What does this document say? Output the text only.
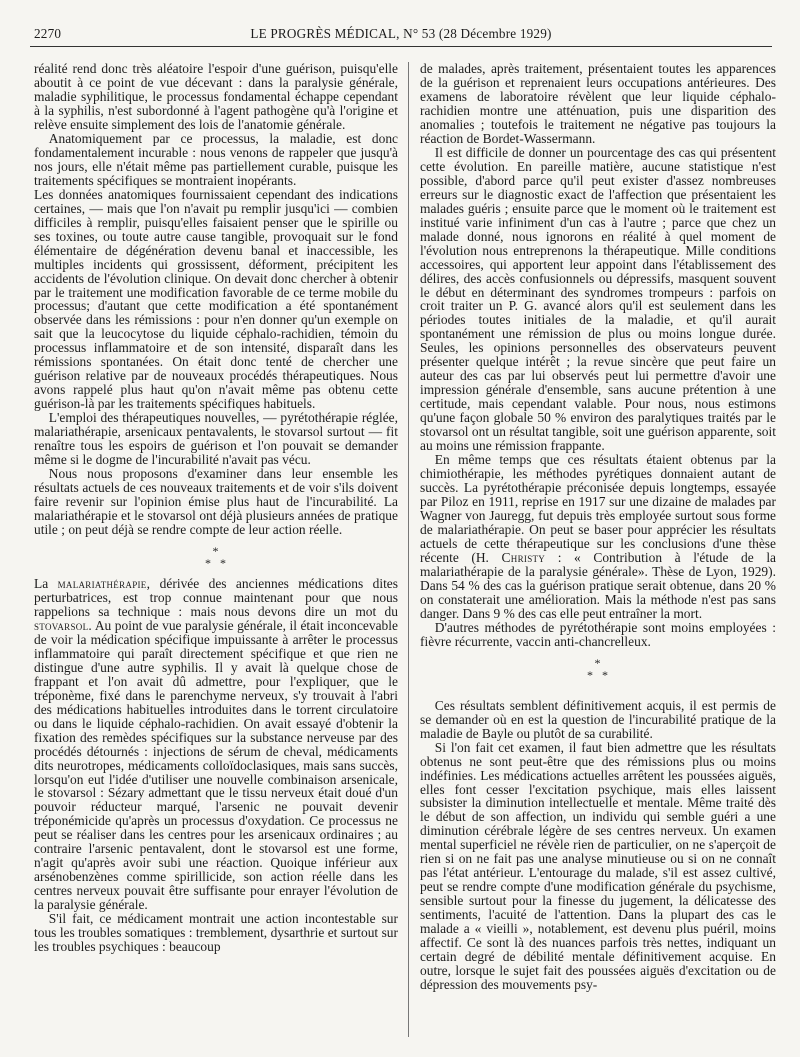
2270	LE PROGRÈS MÉDICAL, N° 53 (28 Décembre 1929)

réalité rend donc très aléatoire l'espoir d'une guérison, puisqu'elle aboutit à ce point de vue décevant : dans la paralysie générale, maladie syphilitique, le processus fondamental échappe cependant à la syphilis, n'est subordonné à l'agent pathogène qu'à l'origine et relève ensuite simplement des lois de l'anatomie générale.

Anatomiquement par ce processus, la maladie, est donc fondamentalement incurable : nous venons de rappeler que jusqu'à nos jours, elle n'était même pas partiellement curable, puisque les traitements spécifiques se montraient inopérants.

Les données anatomiques fournissaient cependant des indications certaines, — mais que l'on n'avait pu remplir jusqu'ici — combien difficiles à remplir, puisqu'elles faisaient penser que le spirille ou ses toxines, ou toute autre cause tangible, provoquait sur le fond élémentaire de dégénération devenu banal et inaccessible, les multiples incidents qui grossissent, déforment, précipitent les accidents de l'évolution clinique. On devait donc chercher à obtenir par le traitement une modification favorable de ce terme mobile du processus; d'autant que cette modification a été spontanément observée dans les rémissions : pour n'en donner qu'un exemple on sait que la leucocytose du liquide céphalo-rachidien, témoin du processus inflammatoire et de son intensité, disparaît dans les rémissions spontanées. On était donc tenté de chercher une guérison relative par de nouveaux procédés thérapeutiques. Nous avons rappelé plus haut qu'on n'avait même pas obtenu cette guérison-là par les traitements spécifiques habituels.

L'emploi des thérapeutiques nouvelles, — pyrétothérapie réglée, malariathérapie, arsenicaux pentavalents, le stovarsol surtout — fit renaître tous les espoirs de guérison et l'on pouvait se demander même si le dogme de l'incurabilité n'avait pas vécu.

Nous nous proposons d'examiner dans leur ensemble les résultats actuels de ces nouveaux traitements et de voir s'ils doivent faire revenir sur l'opinion émise plus haut de l'incurabilité. La malariathérapie et le stovarsol ont déjà plusieurs années de pratique utile ; on peut déjà se rendre compte de leur action réelle.

*
* *

La malariathérapie, dérivée des anciennes médications dites perturbatrices, est trop connue maintenant pour que nous rappelions sa technique : mais nous devons dire un mot du stovarsol. Au point de vue paralysie générale, il était inconcevable de voir la médication spécifique impuissante à arrêter le processus inflammatoire qui paraît directement spécifique et que rien ne distingue d'une autre syphilis. Il y avait là quelque chose de frappant et l'on avait dû admettre, pour l'expliquer, que le tréponème, fixé dans le parenchyme nerveux, s'y trouvait à l'abri des médications habituelles introduites dans le torrent circulatoire ou dans le liquide céphalo-rachidien. On avait essayé d'obtenir la fixation des remèdes spécifiques sur la substance nerveuse par des procédés détournés : injections de sérum de cheval, médicaments dits neurotropes, médicaments colloïdoclasiques, mais sans succès, lorsqu'on eut l'idée d'utiliser une nouvelle combinaison arsenicale, le stovarsol : Sézary admettant que le tissu nerveux était doué d'un pouvoir réducteur marqué, l'arsenic ne pouvait devenir tréponémicide qu'après un processus d'oxydation. Ce processus ne peut se réaliser dans les centres pour les arsenicaux ordinaires ; au contraire l'arsenic pentavalent, dont le stovarsol est une forme, n'agit qu'après avoir subi une réaction. Quoique inférieur aux arsénobenzènes comme spirillicide, son action réelle dans les centres nerveux pouvait être suffisante pour enrayer l'évolution de la paralysie générale.

S'il fait, ce médicament montrait une action incontestable sur tous les troubles somatiques : tremblement, dysarthrie et surtout sur les troubles psychiques : beaucoup

de malades, après traitement, présentaient toutes les apparences de la guérison et reprenaient leurs occupations antérieures. Des examens de laboratoire révèlent que leur liquide céphalo-rachidien montre une atténuation, puis une disparition des anomalies ; toutefois le traitement ne négative pas toujours la réaction de Bordet-Wassermann.

Il est difficile de donner un pourcentage des cas qui présentent cette évolution. En pareille matière, aucune statistique n'est possible, d'abord parce qu'il peut exister d'assez nombreuses erreurs sur le diagnostic exact de l'affection que présentaient les malades guéris ; ensuite parce que le moment où le traitement est institué varie infiniment d'un cas à l'autre ; parce que chez un malade donné, nous ignorons en réalité à quel moment de l'évolution nous entreprenons la thérapeutique. Mille conditions accessoires, qui apportent leur appoint dans l'établissement des délires, des accès confusionnels ou dépressifs, masquent souvent le début en déterminant des syndromes trompeurs : parfois on croit traiter un P. G. avancé alors qu'il est seulement dans les périodes toutes initiales de la maladie, et qu'il aurait spontanément une rémission de plus ou moins longue durée. Seules, les opinions personnelles des observateurs peuvent présenter quelque intérêt ; la revue sincère que peut faire un auteur des cas par lui observés peut lui permettre d'avoir une impression générale d'ensemble, sans aucune prétention à une certitude, mais cependant valable. Pour nous, nous estimons qu'une façon globale 50 % environ des paralytiques traités par le stovarsol ont un résultat tangible, soit une guérison apparente, soit au moins une rémission frappante.

En même temps que ces résultats étaient obtenus par la chimiothérapie, les méthodes pyrétiques donnaient autant de succès. La pyrétothérapie préconisée depuis longtemps, essayée par Piloz en 1911, reprise en 1917 sur une dizaine de malades par Wagner von Jauregg, fut depuis très employée surtout sous forme de malariathérapie. On peut se baser pour apprécier les résultats actuels de cette thérapeutique sur les conclusions d'une thèse récente (H. Christy : « Contribution à l'étude de la malariathérapie de la paralysie générale». Thèse de Lyon, 1929). Dans 54 % des cas la guérison pratique serait obtenue, dans 20 % on constaterait une amélioration. Mais la méthode n'est pas sans danger. Dans 9 % des cas elle peut entraîner la mort.

D'autres méthodes de pyrétothérapie sont moins employées : fièvre récurrente, vaccin anti-chancrelleux.

*
* *

Ces résultats semblent définitivement acquis, il est permis de se demander où en est la question de l'incurabilité pratique de la maladie de Bayle ou plutôt de sa curabilité.

Si l'on fait cet examen, il faut bien admettre que les résultats obtenus ne sont peut-être que des rémissions plus ou moins indéfinies. Les médications actuelles arrêtent les poussées aiguës, elles font cesser l'excitation psychique, mais elles laissent subsister la diminution intellectuelle et mentale. Même traité dès le début de son affection, un individu qui semble guéri a une diminution cérébrale légère de ses centres nerveux. Un examen mental superficiel ne révèle rien de particulier, on ne s'aperçoit de rien si on ne fait pas une analyse minutieuse ou si on ne connaît pas l'état antérieur. L'entourage du malade, s'il est assez cultivé, peut se rendre compte d'une modification générale du psychisme, sensible surtout pour la finesse du jugement, la délicatesse des sentiments, l'acuité de l'attention. Dans la plupart des cas le malade a « vieilli », notablement, est devenu plus puéril, moins affectif. Ce sont là des nuances parfois très nettes, indiquant un certain degré de débilité mentale définitivement acquise. En outre, lorsque le sujet fait des poussées aiguës d'excitation ou de dépression des mouvements psy-
